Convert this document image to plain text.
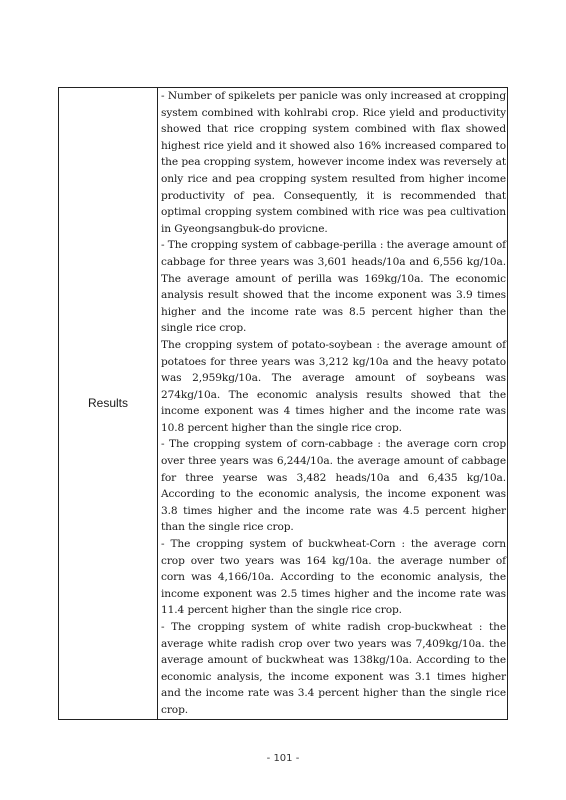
Results	

- Number of spikelets per panicle was only increased at cropping system combined with kohlrabi crop. Rice yield and productivity showed that rice cropping system combined with flax showed highest rice yield and it showed also 16% increased compared to the pea cropping system, however income index was reversely at only rice and pea cropping system resulted from higher income productivity of pea. Consequently, it is recommended that optimal cropping system combined with rice was pea cultivation in Gyeongsangbuk-do provicne.

- The cropping system of cabbage-perilla : the average amount of cabbage for three years was 3,601 heads/10a and 6,556 kg/10a. The average amount of perilla was 169kg/10a. The economic analysis result showed that the income exponent was 3.9 times higher and the income rate was 8.5 percent higher than the single rice crop.

The cropping system of potato-soybean : the average amount of potatoes for three years was 3,212 kg/10a and the heavy potato was 2,959kg/10a. The average amount of soybeans was 274kg/10a. The economic analysis results showed that the income exponent was 4 times higher and the income rate was 10.8 percent higher than the single rice crop.

- The cropping system of corn-cabbage : the average corn crop over three years was 6,244/10a. the average amount of cabbage for three yearse was 3,482 heads/10a and 6,435 kg/10a. According to the economic analysis, the income exponent was 3.8 times higher and the income rate was 4.5 percent higher than the single rice crop.

- The cropping system of buckwheat-Corn : the average corn crop over two years was 164 kg/10a. the average number of corn was 4,166/10a. According to the economic analysis, the income exponent was 2.5 times higher and the income rate was 11.4 percent higher than the single rice crop.

- The cropping system of white radish crop-buckwheat : the average white radish crop over two years was 7,409kg/10a. the average amount of buckwheat was 138kg/10a. According to the economic analysis, the income exponent was 3.1 times higher and the income rate was 3.4 percent higher than the single rice crop.

- 101 -
